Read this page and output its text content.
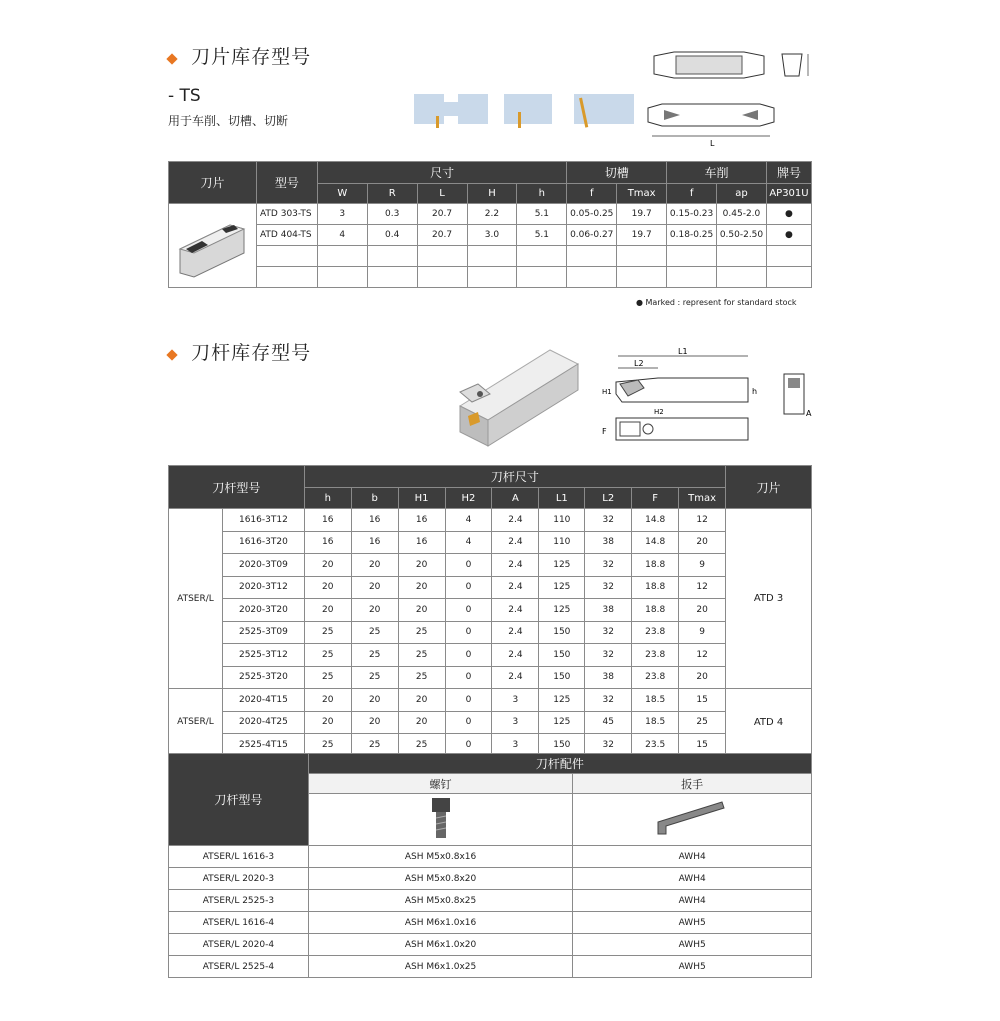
刀片库存型号
- TS
用于车削、切槽、切断
L
刀片	型号	尺寸					切槽		车削		牌号
		W	R	L	H	h	f	Tmax	f	ap	AP301U
	ATD 303-TS	3	0.3	20.7	2.2	5.1	0.05-0.25	19.7	0.15-0.23	0.45-2.0	●
	ATD 404-TS	4	0.4	20.7	3.0	5.1	0.06-0.27	19.7	0.18-0.25	0.50-2.50	●

● Marked : represent for standard stock
刀杆库存型号	L1
L2
h
H1
H2
F
A
刀杆型号		刀杆尺寸									刀片
		h	b	H1	H2	A	L1	L2	F	Tmax	
ATSER/L	1616-3T12	16	16	16	4	2.4	110	32	14.8	12	ATD 3
	1616-3T20	16	16	16	4	2.4	110	38	14.8	20	
	2020-3T09	20	20	20	0	2.4	125	32	18.8	9	
	2020-3T12	20	20	20	0	2.4	125	32	18.8	12	
	2020-3T20	20	20	20	0	2.4	125	38	18.8	20	
	2525-3T09	25	25	25	0	2.4	150	32	23.8	9	
	2525-3T12	25	25	25	0	2.4	150	32	23.8	12	
	2525-3T20	25	25	25	0	2.4	150	38	23.8	20	
ATSER/L	2020-4T15	20	20	20	0	3	125	32	18.5	15	ATD 4
	2020-4T25	20	20	20	0	3	125	45	18.5	25	
	2525-4T15	25	25	25	0	3	150	32	23.5	15	
刀杆型号	刀杆配件	
	螺钉	扳手

ATSER/L 1616-3	ASH M5x0.8x16	AWH4
ATSER/L 2020-3	ASH M5x0.8x20	AWH4
ATSER/L 2525-3	ASH M5x0.8x25	AWH4
ATSER/L 1616-4	ASH M6x1.0x16	AWH5
ATSER/L 2020-4	ASH M6x1.0x20	AWH5
ATSER/L 2525-4	ASH M6x1.0x25	AWH5
